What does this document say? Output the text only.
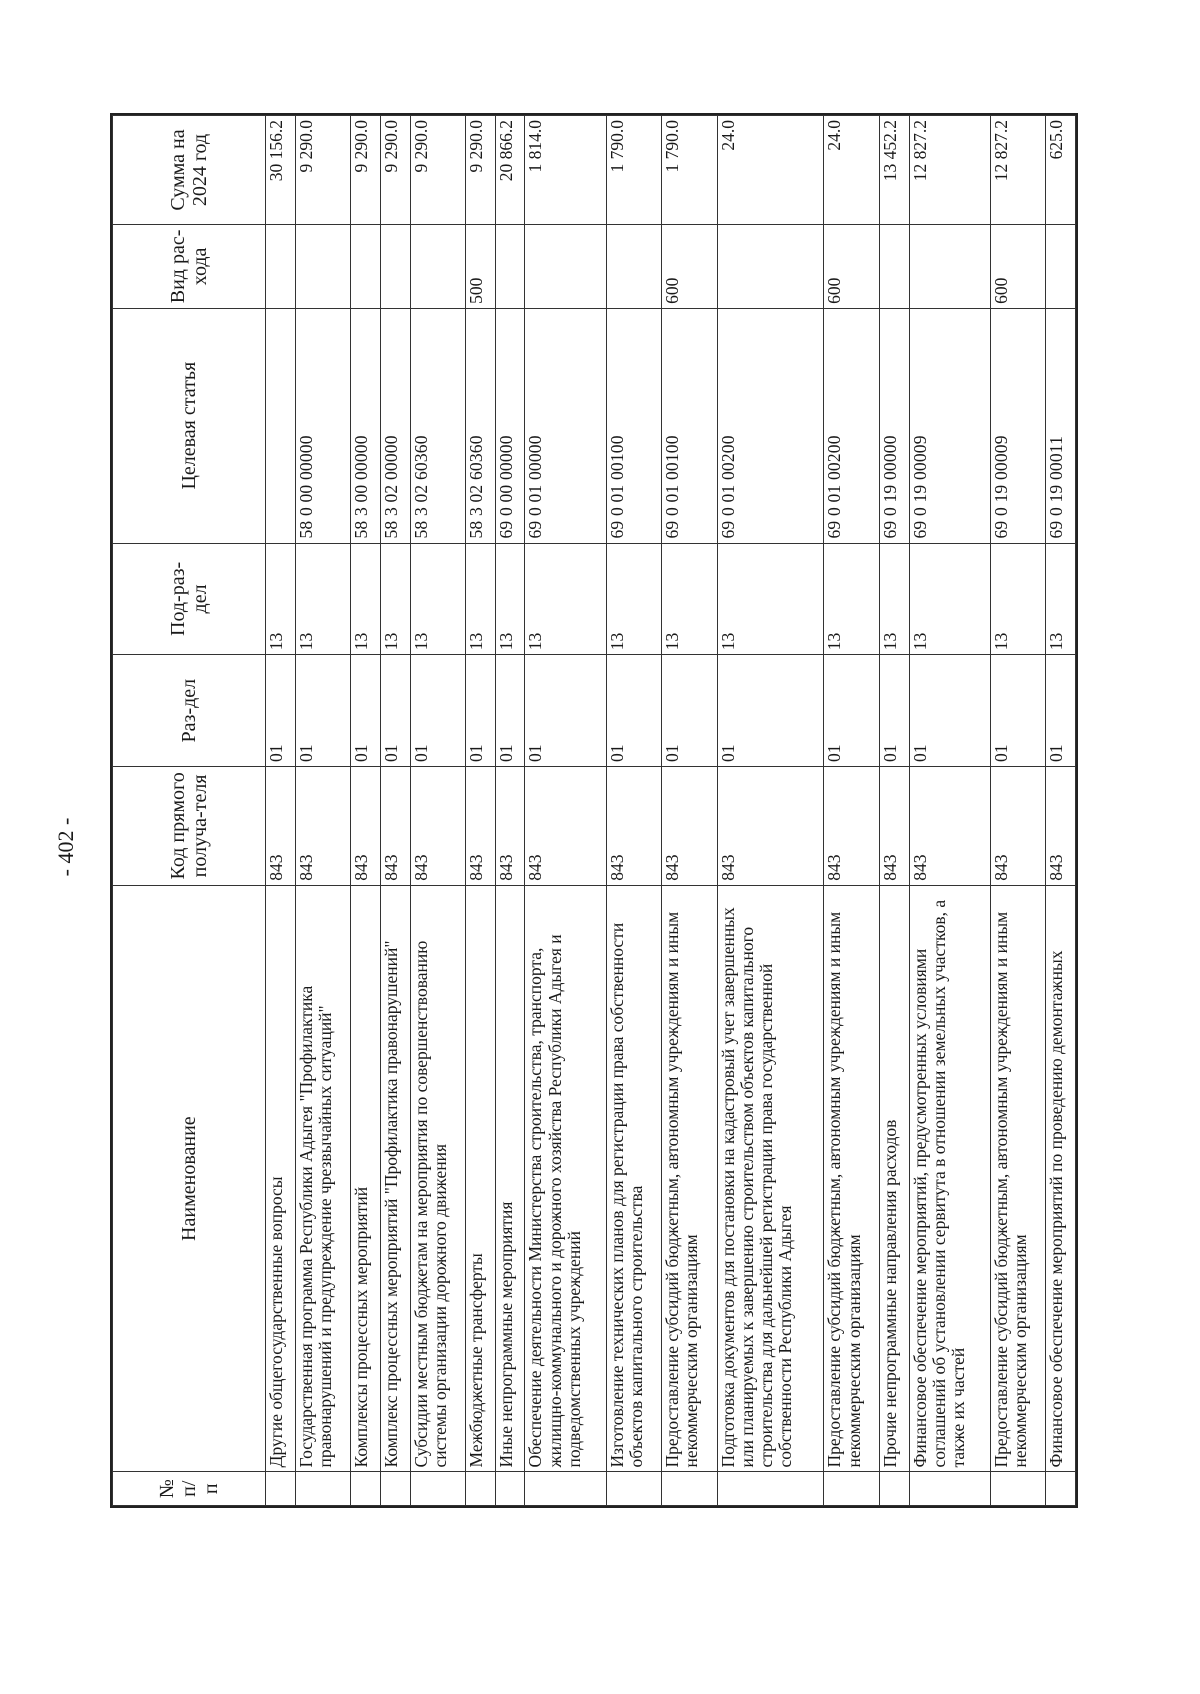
- 402 -
№ п/п	Наименование	Код прямого получа-теля	Раз-дел	Под-раз-дел	Целевая статья	Вид рас-хода	Сумма на 2024 год
	Другие общегосударственные вопросы	843	01	13			30 156.2
	Государственная программа Республики Адыгея "Профилактика правонарушений и предупреждение чрезвычайных ситуаций"	843	01	13	58 0 00 00000		9 290.0
	Комплексы процессных мероприятий	843	01	13	58 3 00 00000		9 290.0
	Комплекс процессных мероприятий "Профилактика правонарушений"	843	01	13	58 3 02 00000		9 290.0
	Субсидии местным бюджетам на мероприятия по совершенствованию системы организации дорожного движения	843	01	13	58 3 02 60360		9 290.0
	Межбюджетные трансферты	843	01	13	58 3 02 60360	500	9 290.0
	Иные непрограммные мероприятия	843	01	13	69 0 00 00000		20 866.2
	Обеспечение деятельности Министерства строительства, транспорта, жилищно-коммунального и дорожного хозяйства Республики Адыгея и подведомственных учреждений	843	01	13	69 0 01 00000		1 814.0
	Изготовление технических планов для регистрации права собственности объектов капитального строительства	843	01	13	69 0 01 00100		1 790.0
	Предоставление субсидий бюджетным, автономным учреждениям и иным некоммерческим организациям	843	01	13	69 0 01 00100	600	1 790.0
	Подготовка документов для постановки на кадастровый учет завершенных или планируемых к завершению строительством объектов капитального строительства для дальнейшей регистрации права государственной собственности Республики Адыгея	843	01	13	69 0 01 00200		24.0
	Предоставление субсидий бюджетным, автономным учреждениям и иным некоммерческим организациям	843	01	13	69 0 01 00200	600	24.0
	Прочие непрограммные направления расходов	843	01	13	69 0 19 00000		13 452.2
	Финансовое обеспечение мероприятий, предусмотренных условиями соглашений об установлении сервитута в отношении земельных участков, а также их частей	843	01	13	69 0 19 00009		12 827.2
	Предоставление субсидий бюджетным, автономным учреждениям и иным некоммерческим организациям	843	01	13	69 0 19 00009	600	12 827.2
	Финансовое обеспечение мероприятий по проведению демонтажных	843	01	13	69 0 19 00011		625.0
